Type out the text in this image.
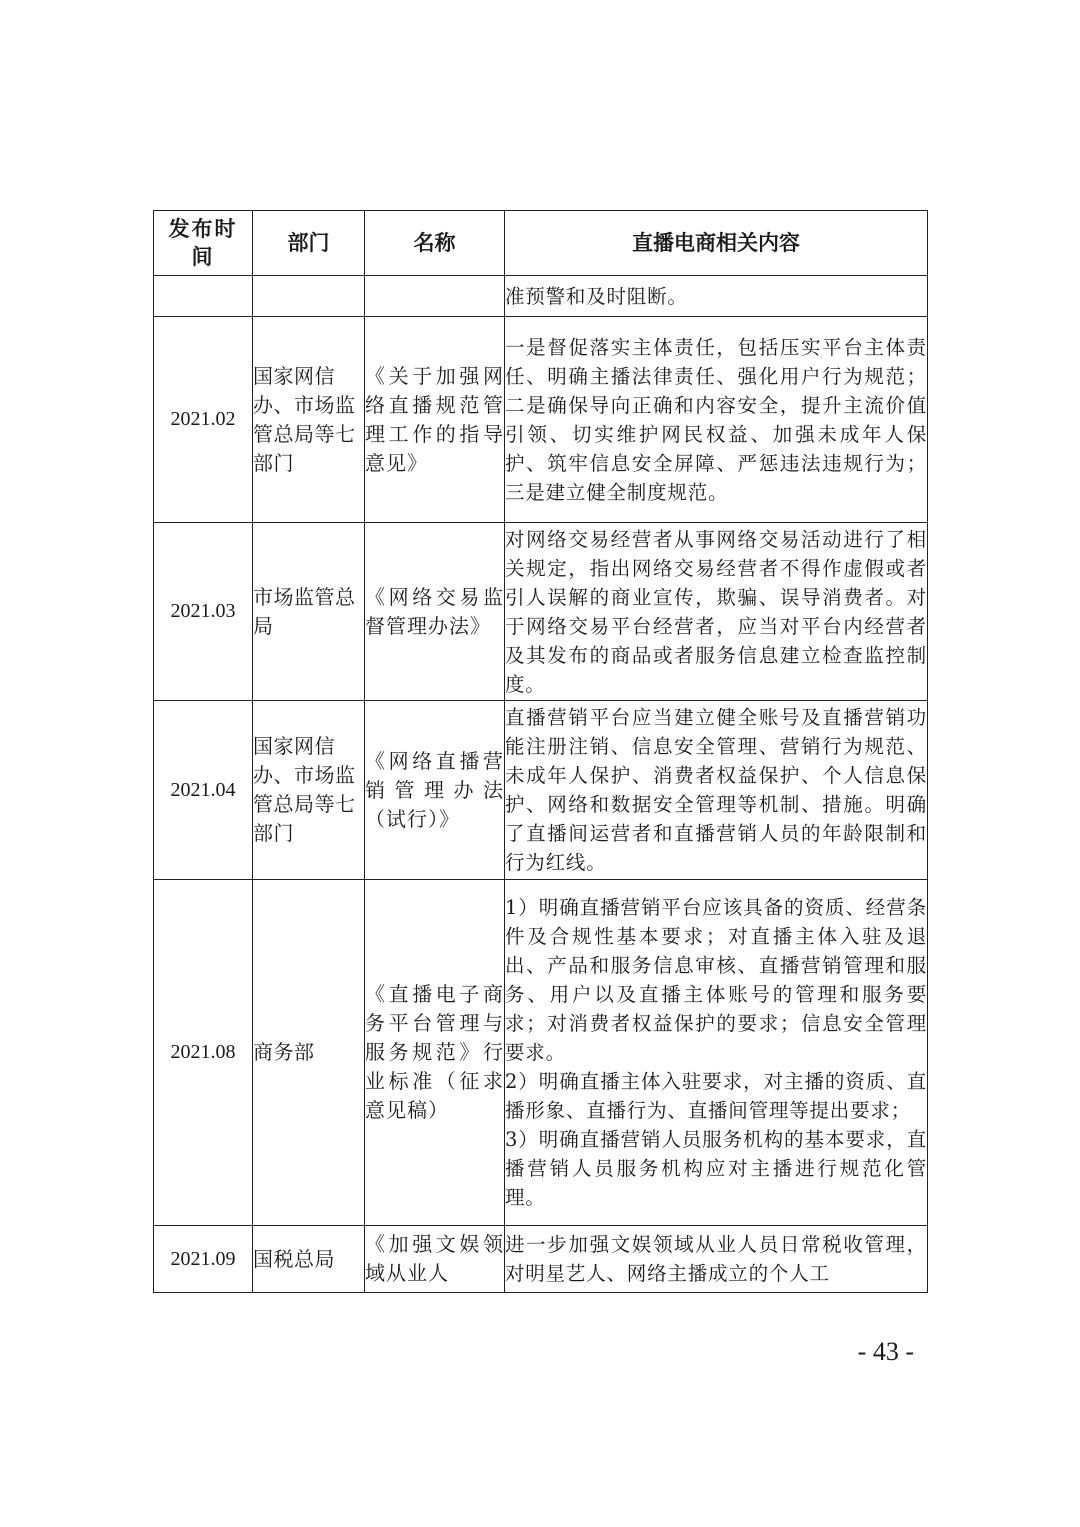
发布时间	部门	名称	直播电商相关内容
			准预警和及时阻断。
2021.02	国家网信办、市场监管总局等七部门	《关于加强网络直播规范管理工作的指导意见》	一是督促落实主体责任，包括压实平台主体责任、明确主播法律责任、强化用户行为规范；二是确保导向正确和内容安全，提升主流价值引领、切实维护网民权益、加强未成年人保护、筑牢信息安全屏障、严惩违法违规行为；三是建立健全制度规范。

2021.03	市场监管总局	《网络交易监督管理办法》	对网络交易经营者从事网络交易活动进行了相关规定，指出网络交易经营者不得作虚假或者引人误解的商业宣传，欺骗、误导消费者。对于网络交易平台经营者，应当对平台内经营者及其发布的商品或者服务信息建立检查监控制度。

2021.04	国家网信办、市场监管总局等七部门	《网络直播营销管理办法（试行）》	直播营销平台应当建立健全账号及直播营销功能注册注销、信息安全管理、营销行为规范、未成年人保护、消费者权益保护、个人信息保护、网络和数据安全管理等机制、措施。明确了直播间运营者和直播营销人员的年龄限制和行为红线。

2021.08	商务部	《直播电子商务平台管理与服务规范》行业标准（征求意见稿）	1）明确直播营销平台应该具备的资质、经营条件及合规性基本要求；对直播主体入驻及退出、产品和服务信息审核、直播营销管理和服务、用户以及直播主体账号的管理和服务要求；对消费者权益保护的要求；信息安全管理要求。
2）明确直播主体入驻要求，对主播的资质、直播形象、直播行为、直播间管理等提出要求；
3）明确直播营销人员服务机构的基本要求，直播营销人员服务机构应对主播进行规范化管理。

2021.09	国税总局	《加强文娱领域从业人	进一步加强文娱领域从业人员日常税收管理，对明星艺人、网络主播成立的个人工
- 43 -
